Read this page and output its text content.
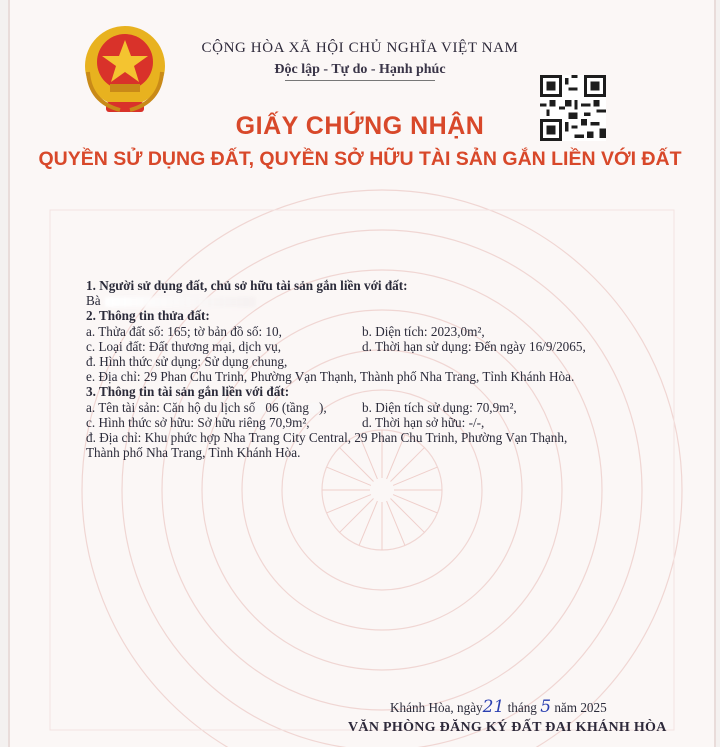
CỘNG HÒA XÃ HỘI CHỦ NGHĨA VIỆT NAM
Độc lập - Tự do - Hạnh phúc
GIẤY CHỨNG NHẬN
QUYỀN SỬ DỤNG ĐẤT, QUYỀN SỞ HỮU TÀI SẢN GẮN LIỀN VỚI ĐẤT
1. Người sử dụng đất, chủ sở hữu tài sản gắn liền với đất:
Bà
2. Thông tin thửa đất:
a. Thửa đất số: 165; tờ bản đồ số: 10,	b. Diện tích: 2023,0m²,
c. Loại đất: Đất thương mại, dịch vụ,	d. Thời hạn sử dụng: Đến ngày 16/9/2065,
đ. Hình thức sử dụng: Sử dụng chung,
e. Địa chỉ: 29 Phan Chu Trinh, Phường Vạn Thạnh, Thành phố Nha Trang, Tỉnh Khánh Hòa.
3. Thông tin tài sản gắn liền với đất:
a. Tên tài sản: Căn hộ du lịch số 06 (tầng ),	b. Diện tích sử dụng: 70,9m²,
c. Hình thức sở hữu: Sở hữu riêng 70,9m²,	d. Thời hạn sở hữu: -/-,
đ. Địa chỉ: Khu phức hợp Nha Trang City Central, 29 Phan Chu Trinh, Phường Vạn Thạnh,
Thành phố Nha Trang, Tỉnh Khánh Hòa.
Khánh Hòa, ngày21 tháng 5 năm 2025
VĂN PHÒNG ĐĂNG KÝ ĐẤT ĐAI KHÁNH HÒA
